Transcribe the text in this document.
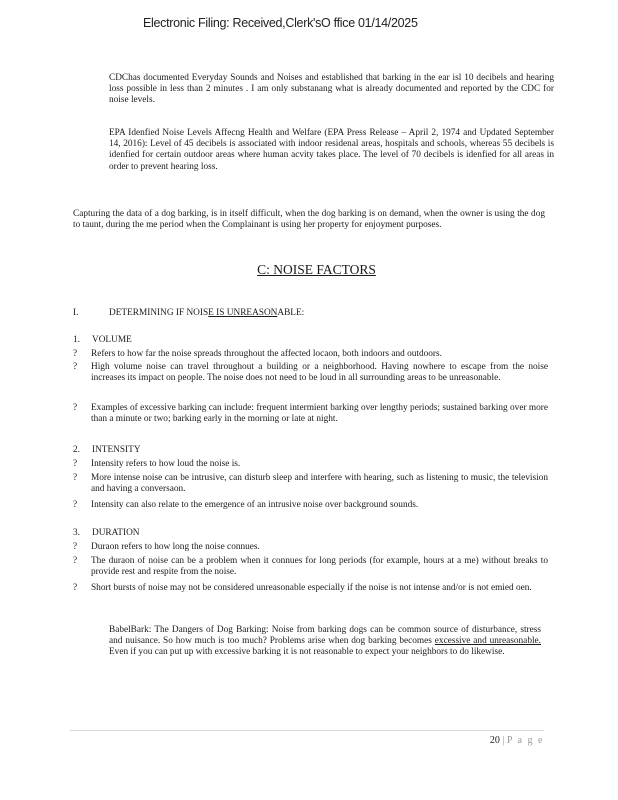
Electronic Filing: Received,Clerk'sO ffice 01/14/2025
CDChas documented Everyday Sounds and Noises and established that barking in the ear isl 10 decibels and hearing loss possible in less than 2 minutes . I am only substanang what is already documented and reported by the CDC for noise levels.
EPA Idenfied Noise Levels Affecng Health and Welfare (EPA Press Release – April 2, 1974 and Updated September 14, 2016): Level of 45 decibels is associated with indoor residenal areas, hospitals and schools, whereas 55 decibels is idenfied for certain outdoor areas where human acvity takes place. The level of 70 decibels is idenfied for all areas in order to prevent hearing loss.
Capturing the data of a dog barking, is in itself difficult, when the dog barking is on demand, when the owner is using the dog to taunt, during the me period when the Complainant is using her property for enjoyment purposes.
C: NOISE FACTORS
I.	DETERMINING IF NOISE IS UNREASONABLE:
1. VOLUME
? Refers to how far the noise spreads throughout the affected locaon, both indoors and outdoors.
? High volume noise can travel throughout a building or a neighborhood. Having nowhere to escape from the noise increases its impact on people. The noise does not need to be loud in all surrounding areas to be unreasonable.
? Examples of excessive barking can include: frequent intermient barking over lengthy periods; sustained barking over more than a minute or two; barking early in the morning or late at night.
2. INTENSITY
? Intensity refers to how loud the noise is.
? More intense noise can be intrusive, can disturb sleep and interfere with hearing, such as listening to music, the television and having a conversaon.
? Intensity can also relate to the emergence of an intrusive noise over background sounds.
3. DURATION
? Duraon refers to how long the noise connues.
? The duraon of noise can be a problem when it connues for long periods (for example, hours at a me) without breaks to provide rest and respite from the noise.
? Short bursts of noise may not be considered unreasonable especially if the noise is not intense and/or is not emied oen.
BabelBark: The Dangers of Dog Barking: Noise from barking dogs can be common source of disturbance, stress and nuisance. So how much is too much? Problems arise when dog barking becomes excessive and unreasonable. Even if you can put up with excessive barking it is not reasonable to expect your neighbors to do likewise.
20 | P a g e
